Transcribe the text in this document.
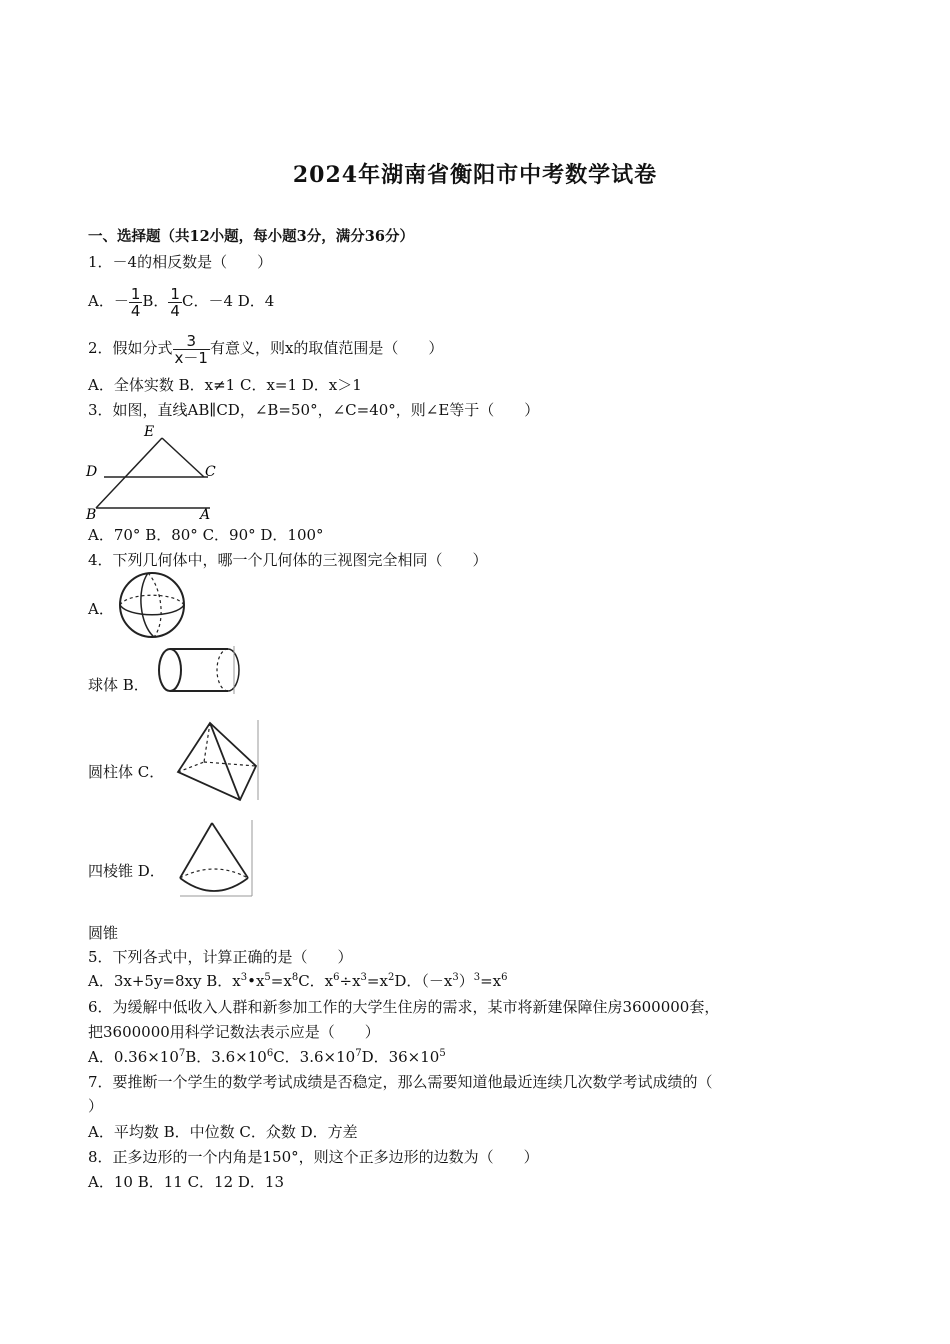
2024年湖南省衡阳市中考数学试卷
一、选择题（共12小题，每小题3分，满分36分）
1．－4的相反数是（　　）
A．－ $\frac{1}{4}$ B． $\frac{1}{4}$ C．－4 D．4
2．假如分式 $\frac{3}{x-1}$ 有意义，则x的取值范围是（　　）
A．全体实数 B．x≠1 C．x=1 D．x＞1
3．如图，直线AB∥CD，∠B=50°，∠C=40°，则∠E等于（　　）
E
D	C
B	A
A．70° B．80° C．90° D．100°
4．下列几何体中，哪一个几何体的三视图完全相同（　　）
A．
球体 B．
圆柱体 C．
四棱锥 D．
圆锥
5．下列各式中，计算正确的是（　　）
A．3x+5y=8xy B．$x^3•x^5=x^8C$．$x^6\div x^3=x^2D$．$(-x^3)^3=x^6$
6．为缓解中低收入人群和新参加工作的大学生住房的需求，某市将新建保障住房3600000套，
把3600000用科学记数法表示应是（　　）
A．$0.36\times 10^7B$．$3.6\times 10^6C$．$3.6\times 10^7D$．$36\times 10^5$
7．要推断一个学生的数学考试成绩是否稳定，那么需要知道他最近连续几次数学考试成绩的（
）
A．平均数 B．中位数 C．众数 D．方差
8．正多边形的一个内角是150°，则这个正多边形的边数为（　　）
A．10 B．11 C．12 D．13
